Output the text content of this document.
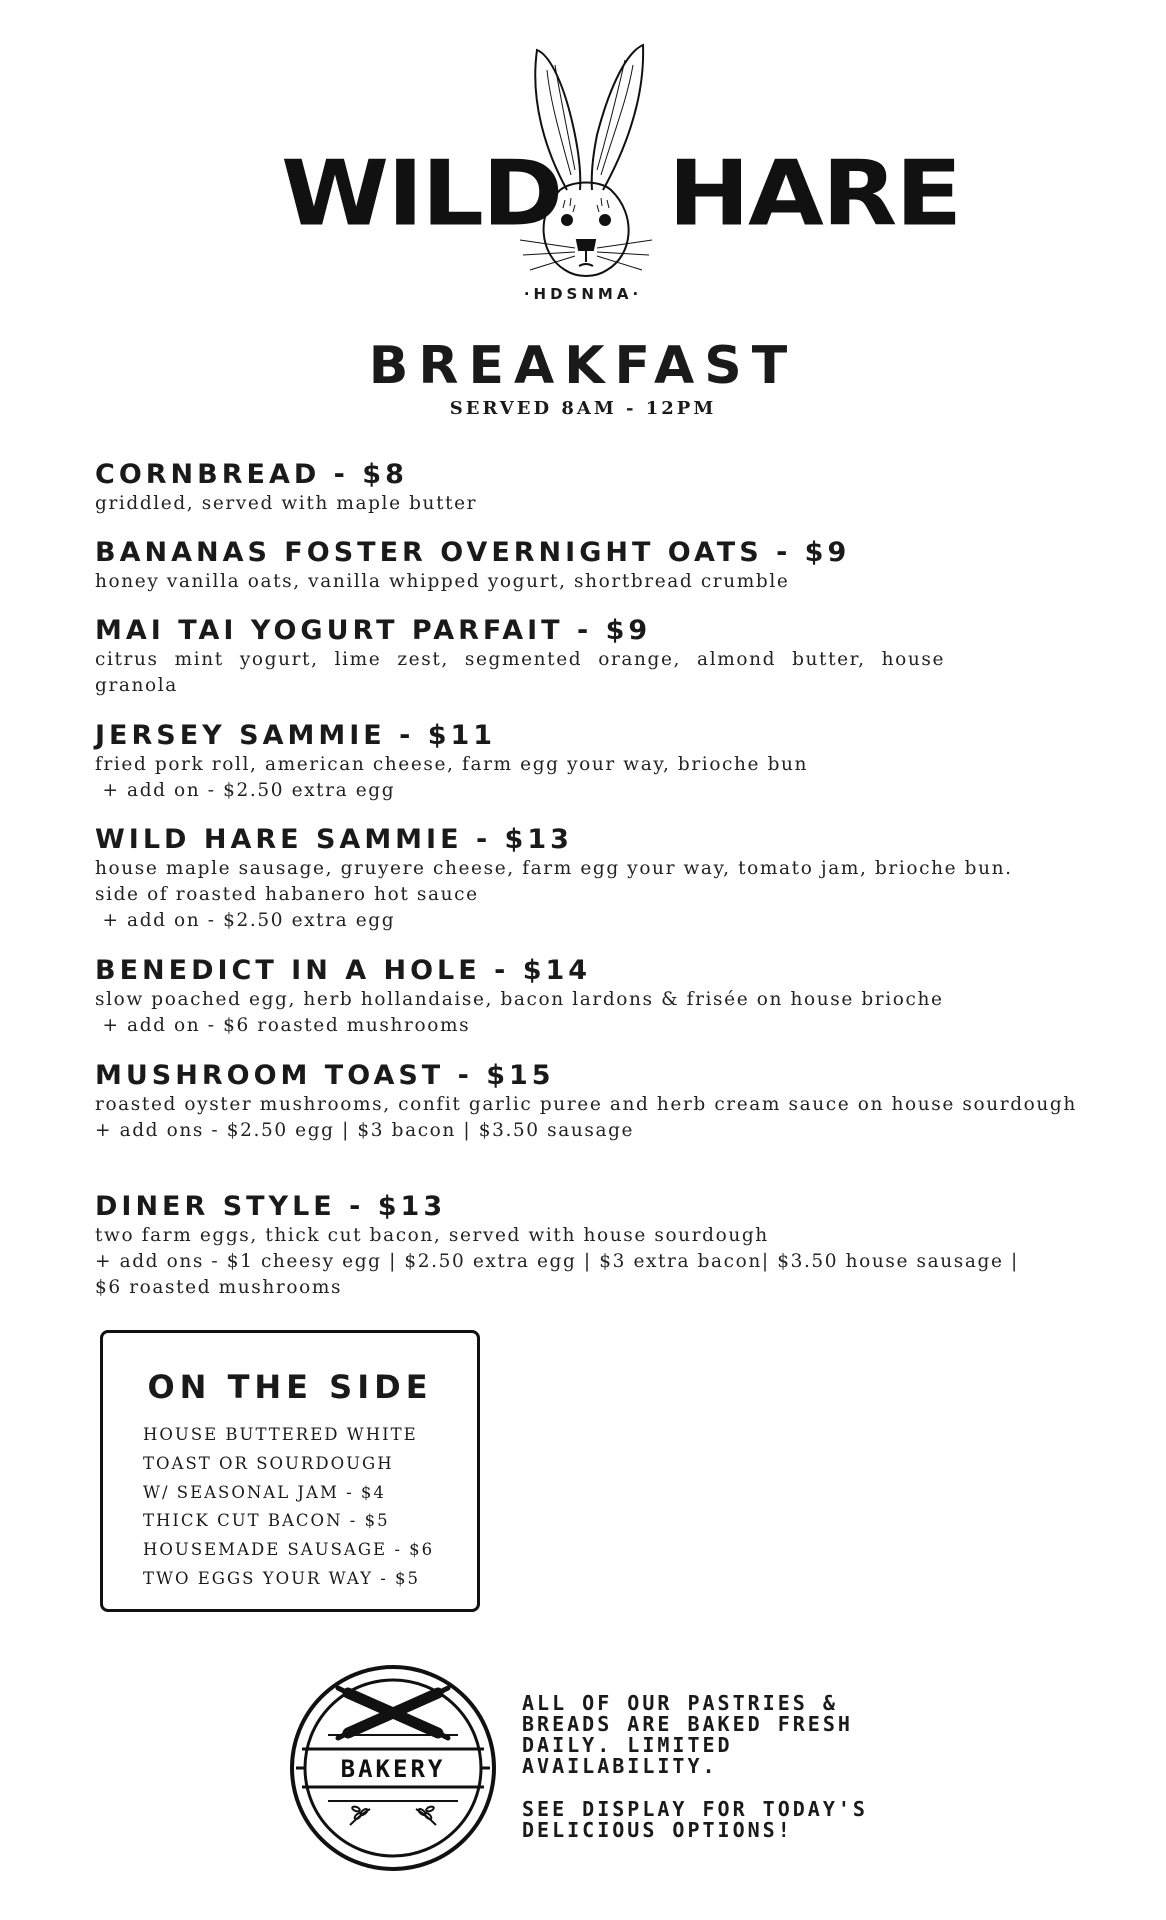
WILD HARE
·HDSNMA·
BREAKFAST
SERVED 8AM - 12PM
CORNBREAD - $8
griddled, served with maple butter
BANANAS FOSTER OVERNIGHT OATS - $9
honey vanilla oats, vanilla whipped yogurt, shortbread crumble
MAI TAI YOGURT PARFAIT - $9
citrus mint yogurt, lime zest, segmented orange, almond butter, house granola
JERSEY SAMMIE - $11
fried pork roll, american cheese, farm egg your way, brioche bun
+ add on - $2.50 extra egg
WILD HARE SAMMIE - $13
house maple sausage, gruyere cheese, farm egg your way, tomato jam, brioche bun. side of roasted habanero hot sauce
+ add on - $2.50 extra egg
BENEDICT IN A HOLE - $14
slow poached egg, herb hollandaise, bacon lardons & frisée on house brioche
+ add on - $6 roasted mushrooms
MUSHROOM TOAST - $15
roasted oyster mushrooms, confit garlic puree and herb cream sauce on house sourdough
+ add ons - $2.50 egg | $3 bacon | $3.50 sausage
DINER STYLE - $13
two farm eggs, thick cut bacon, served with house sourdough
+ add ons - $1 cheesy egg | $2.50 extra egg | $3 extra bacon| $3.50 house sausage |
$6 roasted mushrooms
ON THE SIDE
HOUSE BUTTERED WHITE
TOAST OR SOURDOUGH
W/ SEASONAL JAM - $4
THICK CUT BACON - $5
HOUSEMADE SAUSAGE - $6
TWO EGGS YOUR WAY - $5
BAKERY
ALL OF OUR PASTRIES &
BREADS ARE BAKED FRESH
DAILY. LIMITED
AVAILABILITY.
SEE DISPLAY FOR TODAY'S
DELICIOUS OPTIONS!
